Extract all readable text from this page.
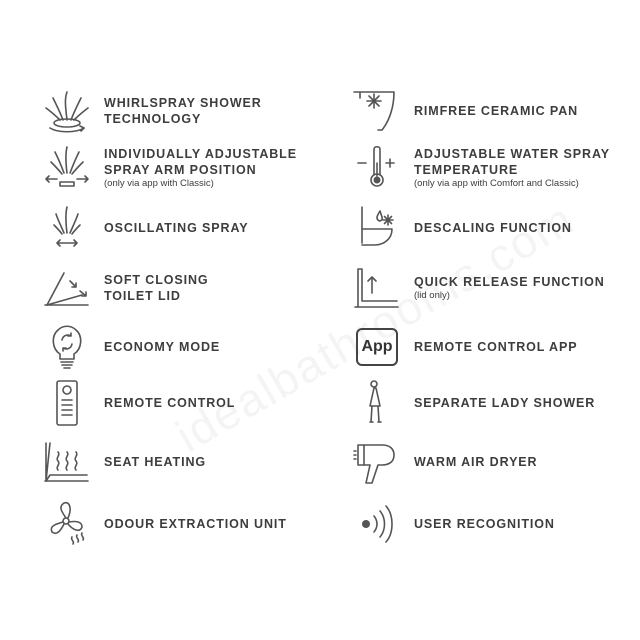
WHIRLSPRAY SHOWER
TECHNOLOGY
INDIVIDUALLY ADJUSTABLE
SPRAY ARM POSITION
(only via app with Classic)
OSCILLATING SPRAY
SOFT CLOSING
TOILET LID
ECONOMY MODE
REMOTE CONTROL
SEAT HEATING
ODOUR EXTRACTION UNIT
RIMFREE CERAMIC PAN
ADJUSTABLE WATER SPRAY
TEMPERATURE
(only via app with Comfort and Classic)
DESCALING FUNCTION
QUICK RELEASE FUNCTION
(lid only)
App	REMOTE CONTROL APP
SEPARATE LADY SHOWER
WARM AIR DRYER
USER RECOGNITION
